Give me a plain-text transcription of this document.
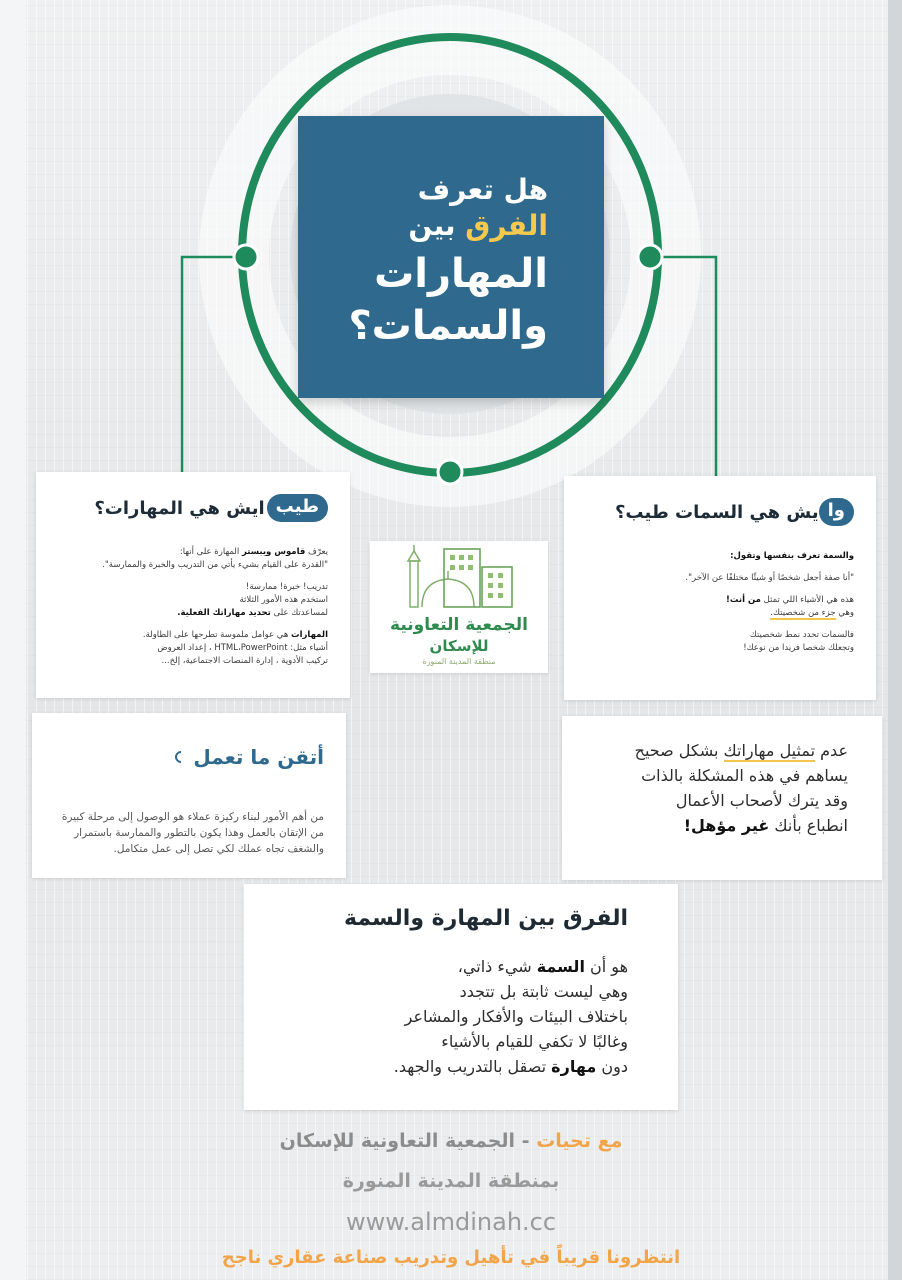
هل تعرف
الفرق بين
المهارات
والسمات؟
طيب
ايش هي المهارات؟
يعرّف قاموس ويبستر المهارة على أنها:
"القدرة على القيام بشيء يأتي من التدريب والخبرة والممارسة".
تدريب! خبرة! ممارسة!
استخدم هذه الأمور الثلاثة
لمساعدتك على تحديد مهاراتك الفعلية.
المهارات هي عوامل ملموسة تطرحها على الطاولة.
أشياء مثل: HTML،PowerPoint ، إعداد العروض
تركيب الأدوية ، إدارة المنصات الاجتماعية، إلخ...
الجمعية التعاونية
للإسكان
منطقة المدينة المنورة
وا
يش هي السمات طيب؟
والسمة تعرف بنفسها وتقول:
"أنا صفة أجعل شخصًا أو شيئًا مختلفًا عن الآخر".
هذه هي الأشياء اللي تمثل من أنت!
وهي جزء من شخصيتك.
فالسمات تحدد نمط شخصيتك
وتجعلك شخصا فريدا من نوعك!
أتقن ما تعمل
من أهم الأمور لبناء ركيزة عملاء هو الوصول إلى مرحلة كبيرة من الإتقان بالعمل وهذا يكون بالتطور والممارسة باستمرار والشغف تجاه عملك لكي تصل إلى عمل متكامل.
عدم تمثيل مهاراتك بشكل صحيح
يساهم في هذه المشكلة بالذات
وقد يترك لأصحاب الأعمال
انطباع بأنك غير مؤهل!
الفرق بين المهارة والسمة
هو أن السمة شيء ذاتي،
وهي ليست ثابتة بل تتجدد
باختلاف البيئات والأفكار والمشاعر
وغالبًا لا تكفي للقيام بالأشياء
دون مهارة تصقل بالتدريب والجهد.
مع تحيات - الجمعية التعاونية للإسكان
بمنطقة المدينة المنورة
www.almdinah.cc
انتظرونا قريباً في تأهيل وتدريب صناعة عقاري ناجح
